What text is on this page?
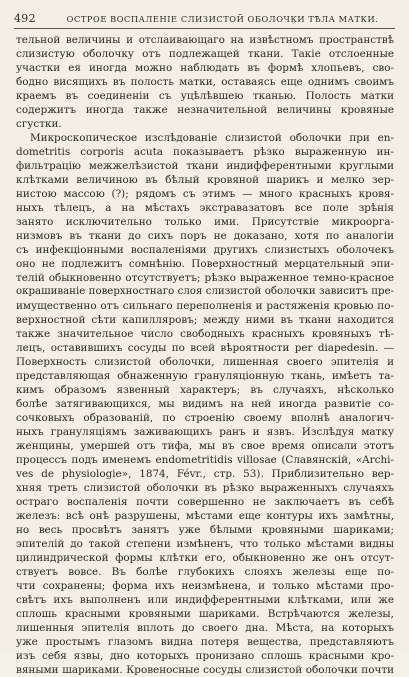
492	ОСТРОЕ ВОСПАЛЕНІЕ СЛИЗИСТОЙ ОБОЛОЧКИ ТѢЛА МАТКИ.
тельной величины и отслаивающаго на извѣстномъ пространствѣ
слизистую оболочку отъ подлежащей ткани. Такіе отслоенные
участки ея иногда можно наблюдать въ формѣ хлопьевъ, сво-
бодно висящихъ въ полость матки, оставаясь еще однимъ своимъ
краемъ въ соединеніи съ уцѣлѣвшею тканью. Полость матки
содержитъ иногда также незначительной величины кровяные
сгустки.
Микроскопическое изслѣдованіе слизистой оболочки при en-
dometritis corporis acuta показываетъ рѣзко выраженную ин-
фильтрацію межжелѣзистой ткани индифферентными круглыми
клѣтками величиною въ бѣлый кровяной шарикъ и мелко зер-
нистою массою (?); рядомъ съ этимъ — много красныхъ кровя-
ныхъ тѣлецъ, а на мѣстахъ экстравазатовъ все поле зрѣнія
занято исключительно только ими. Присутствіе микроорга-
низмовъ въ ткани до сихъ поръ не доказано, хотя по аналогіи
съ инфекціонными воспаленіями другихъ слизистыхъ оболочекъ
оно не подлежитъ сомнѣнію. Поверхностный мерцательный эпи-
телій обыкновенно отсутствуетъ; рѣзко выраженное темно-красное
окрашиваніе поверхностнаго слоя слизистой оболочки зависитъ пре-
имущественно отъ сильнаго переполненія и растяженія кровью по-
верхностной сѣти капилляровъ; между ними въ ткани находится
также значительное число свободныхъ красныхъ кровяныхъ тѣ-
лецъ, оставившихъ сосуды по всей вѣроятности per diapedesin. —
Поверхность слизистой оболочки, лишенная своего эпителія и
представляющая обнаженную грануляціонную ткань, имѣетъ та-
кимъ образомъ язвенный характеръ; въ случаяхъ, нѣсколько
болѣе затягивающихся, мы видимъ на ней иногда развитіе со-
сочковыхъ образованій, по строенію своему вполнѣ аналогич-
ныхъ грануляціямъ заживающихъ ранъ и язвъ. Изслѣдуя матку
женщины, умершей отъ тифа, мы въ свое время описали этотъ
процессъ подъ именемъ endometritidis villosae (Славянскій, «Archi-
ves de physiologie», 1874, Févr., стр. 53). Приблизительно вер-
хняя треть слизистой оболочки въ рѣзко выраженныхъ случаяхъ
остраго воспаленія почти совершенно не заключаетъ въ себѣ
железъ: всѣ онѣ разрушены, мѣстами еще контуры ихъ замѣтны,
но весь просвѣтъ занятъ уже бѣлыми кровяными шариками;
эпителій до такой степени измѣненъ, что только мѣстами видны
цилиндрической формы клѣтки его, обыкновенно же онъ отсут-
ствуетъ вовсе. Въ болѣе глубокихъ слояхъ железы еще по-
чти сохранены; форма ихъ неизмѣнена, и только мѣстами про-
свѣтъ ихъ выполненъ или индифферентными клѣтками, или же
сплошь красными кровяными шариками. Встрѣчаются железы,
лишенныя эпителія вплоть до своего дна. Мѣста, на которыхъ
уже простымъ глазомъ видна потеря вещества, представляютъ
изъ себя язвы, дно которыхъ пронизано сплошь красными кро-
вяными шариками. Кровеносные сосуды слизистой оболочки почти
